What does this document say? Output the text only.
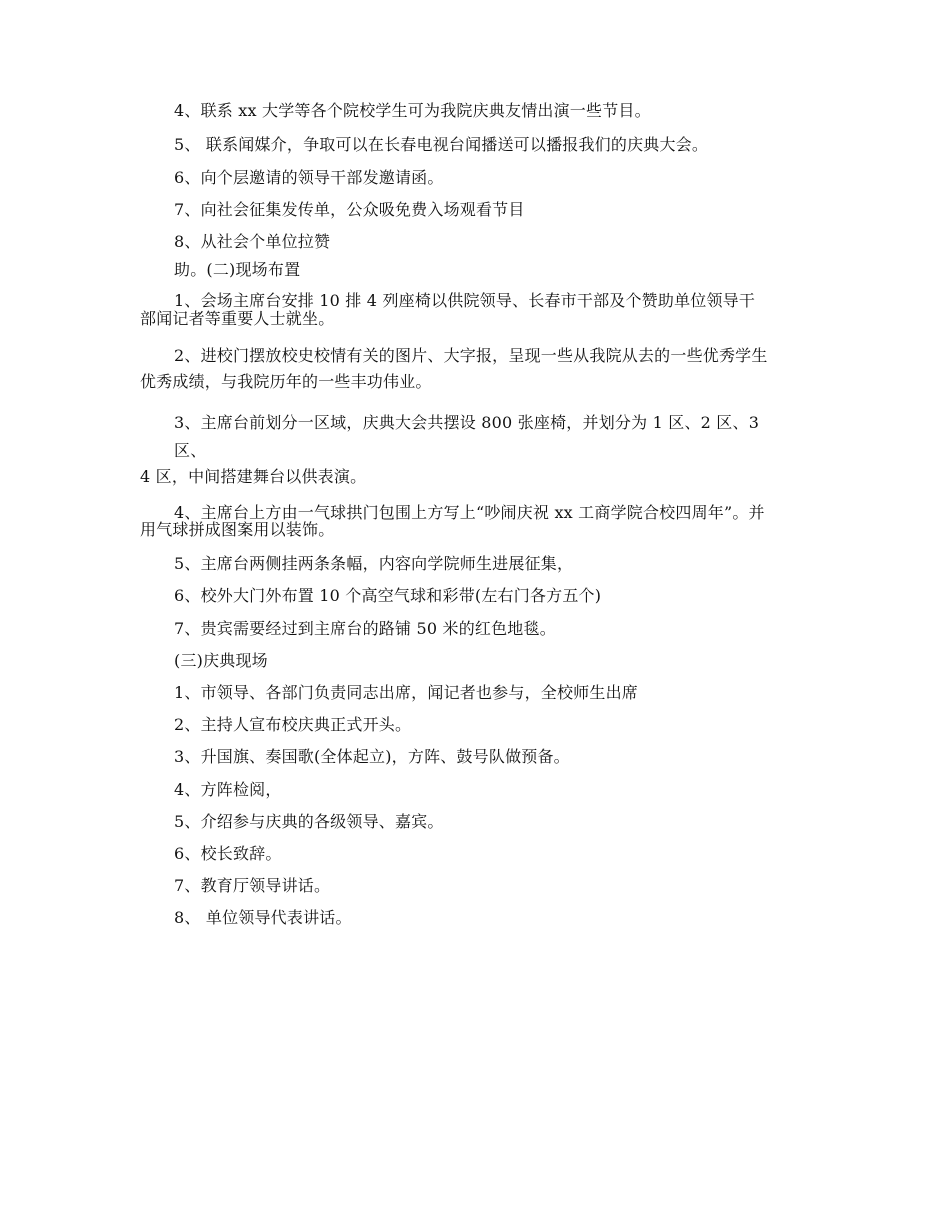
4、联系 xx 大学等各个院校学生可为我院庆典友情出演一些节目。
5、 联系闻媒介，争取可以在长春电视台闻播送可以播报我们的庆典大会。
6、向个层邀请的领导干部发邀请函。
7、向社会征集发传单，公众吸免费入场观看节目
8、从社会个单位拉赞
助。(二)现场布置
1、会场主席台安排 10 排 4 列座椅以供院领导、长春市干部及个赞助单位领导干
部闻记者等重要人士就坐。
2、进校门摆放校史校情有关的图片、大字报，呈现一些从我院从去的一些优秀学生
优秀成绩，与我院历年的一些丰功伟业。
3、主席台前划分一区域，庆典大会共摆设 800 张座椅，并划分为 1 区、2 区、3
区、
4 区，中间搭建舞台以供表演。
4、主席台上方由一气球拱门包围上方写上“吵闹庆祝 xx 工商学院合校四周年”。并
用气球拼成图案用以装饰。
5、主席台两侧挂两条条幅，内容向学院师生进展征集，
6、校外大门外布置 10 个高空气球和彩带(左右门各方五个)
7、贵宾需要经过到主席台的路铺 50 米的红色地毯。
(三)庆典现场
1、市领导、各部门负责同志出席，闻记者也参与，全校师生出席
2、主持人宣布校庆典正式开头。
3、升国旗、奏国歌(全体起立)，方阵、鼓号队做预备。
4、方阵检阅，
5、介绍参与庆典的各级领导、嘉宾。
6、校长致辞。
7、教育厅领导讲话。
8、 单位领导代表讲话。
